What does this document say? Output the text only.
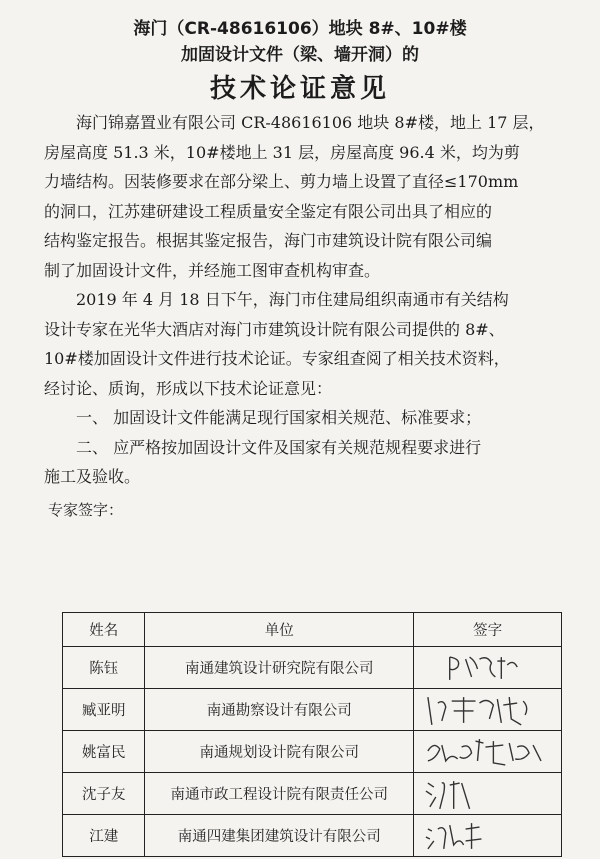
海门（CR-48616106）地块 8#、10#楼
加固设计文件（梁、墙开洞）的
技术论证意见
海门锦嘉置业有限公司 CR-48616106 地块 8#楼，地上 17 层，
房屋高度 51.3 米，10#楼地上 31 层，房屋高度 96.4 米，均为剪
力墙结构。因装修要求在部分梁上、剪力墙上设置了直径≤170mm
的洞口，江苏建研建设工程质量安全鉴定有限公司出具了相应的
结构鉴定报告。根据其鉴定报告，海门市建筑设计院有限公司编
制了加固设计文件，并经施工图审查机构审查。
2019 年 4 月 18 日下午，海门市住建局组织南通市有关结构
设计专家在光华大酒店对海门市建筑设计院有限公司提供的 8#、
10#楼加固设计文件进行技术论证。专家组查阅了相关技术资料，
经讨论、质询，形成以下技术论证意见：
一、 加固设计文件能满足现行国家相关规范、标准要求；
二、 应严格按加固设计文件及国家有关规范规程要求进行
施工及验收。
专家签字：
姓名	单位	签字
陈钰	南通建筑设计研究院有限公司	

臧亚明	南通勘察设计有限公司	

姚富民	南通规划设计院有限公司	

沈子友	南通市政工程设计院有限责任公司	

江建	南通四建集团建筑设计有限公司	
